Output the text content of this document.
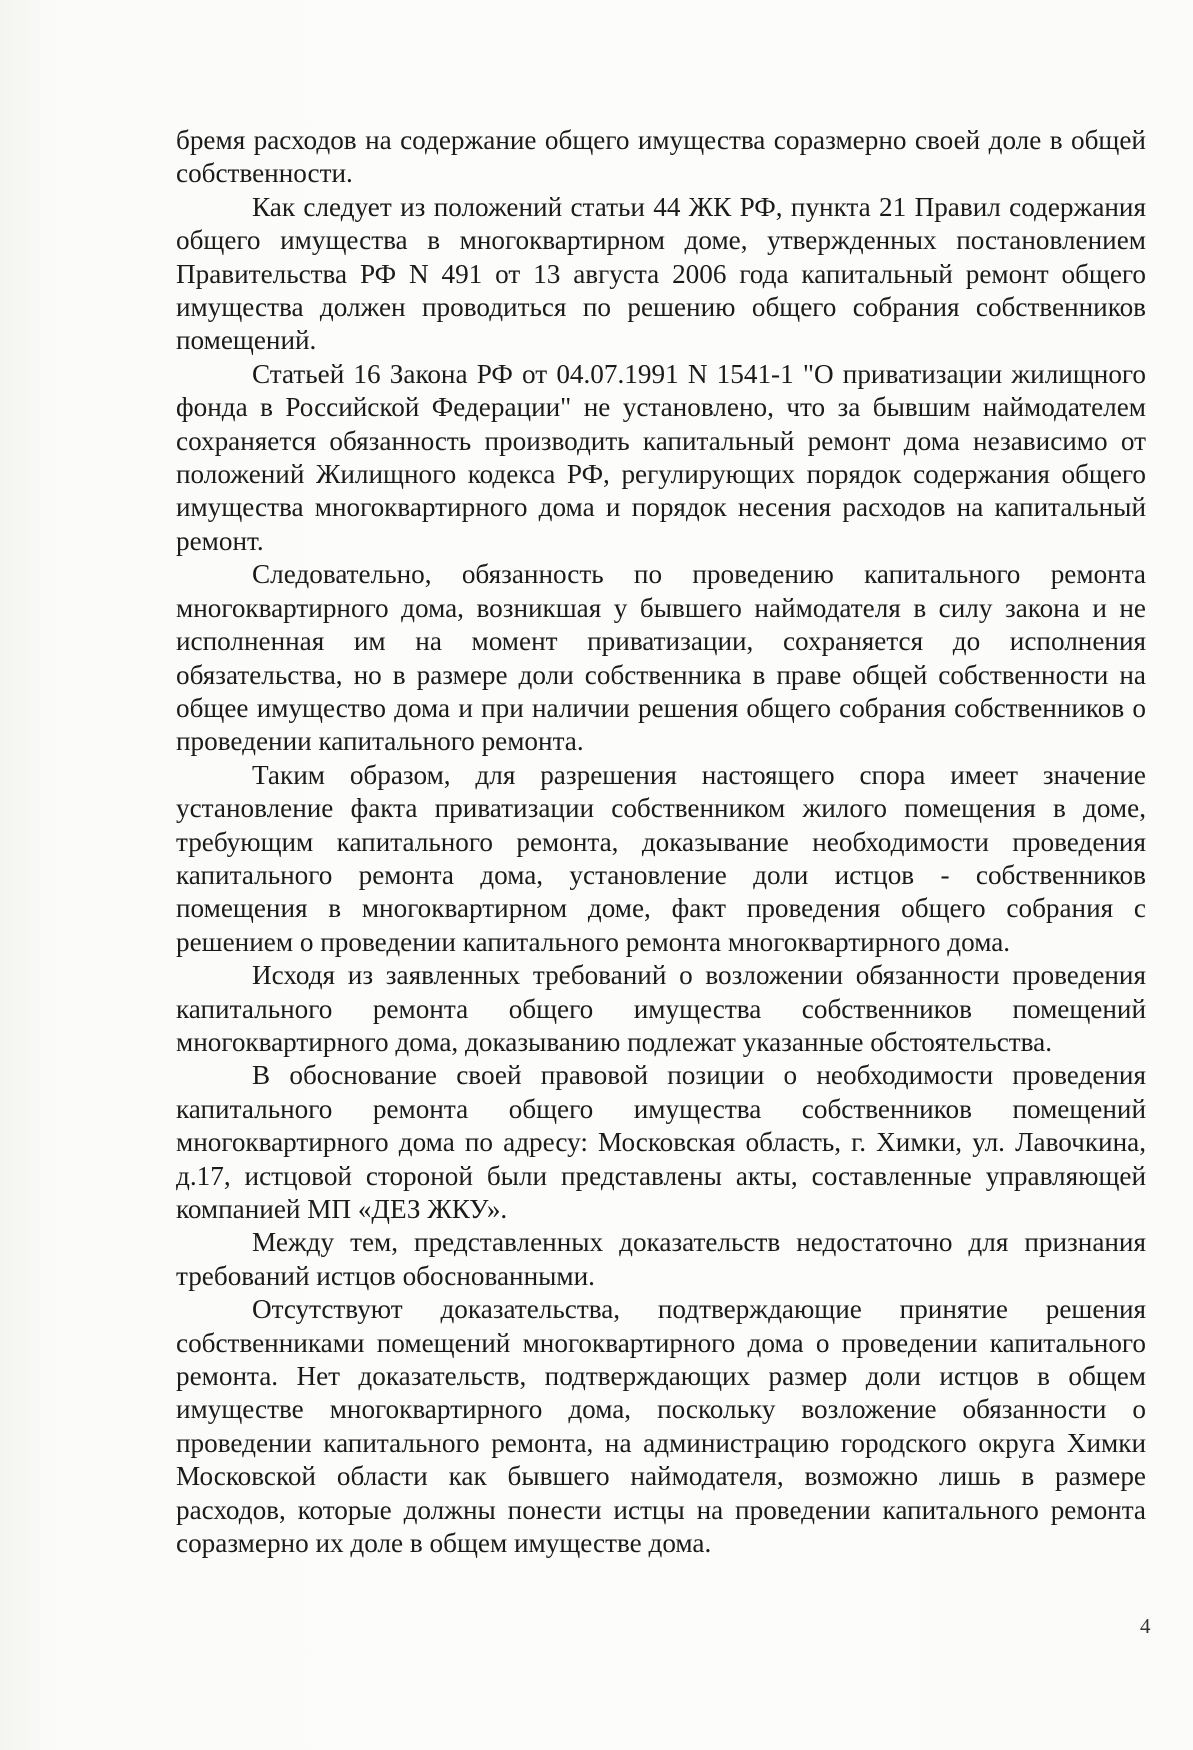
бремя расходов на содержание общего имущества соразмерно своей доле в общей собственности.

Как следует из положений статьи 44 ЖК РФ, пункта 21 Правил содержания общего имущества в многоквартирном доме, утвержденных постановлением Правительства РФ N 491 от 13 августа 2006 года капитальный ремонт общего имущества должен проводиться по решению общего собрания собственников помещений.

Статьей 16 Закона РФ от 04.07.1991 N 1541-1 "О приватизации жилищного фонда в Российской Федерации" не установлено, что за бывшим наймодателем сохраняется обязанность производить капитальный ремонт дома независимо от положений Жилищного кодекса РФ, регулирующих порядок содержания общего имущества многоквартирного дома и порядок несения расходов на капитальный ремонт.

Следовательно, обязанность по проведению капитального ремонта многоквартирного дома, возникшая у бывшего наймодателя в силу закона и не исполненная им на момент приватизации, сохраняется до исполнения обязательства, но в размере доли собственника в праве общей собственности на общее имущество дома и при наличии решения общего собрания собственников о проведении капитального ремонта.

Таким образом, для разрешения настоящего спора имеет значение установление факта приватизации собственником жилого помещения в доме, требующим капитального ремонта, доказывание необходимости проведения капитального ремонта дома, установление доли истцов - собственников помещения в многоквартирном доме, факт проведения общего собрания с решением о проведении капитального ремонта многоквартирного дома.

Исходя из заявленных требований о возложении обязанности проведения капитального ремонта общего имущества собственников помещений многоквартирного дома, доказыванию подлежат указанные обстоятельства.

В обоснование своей правовой позиции о необходимости проведения капитального ремонта общего имущества собственников помещений многоквартирного дома по адресу: Московская область, г. Химки, ул. Лавочкина, д.17, истцовой стороной были представлены акты, составленные управляющей компанией МП «ДЕЗ ЖКУ».

Между тем, представленных доказательств недостаточно для признания требований истцов обоснованными.

Отсутствуют доказательства, подтверждающие принятие решения собственниками помещений многоквартирного дома о проведении капитального ремонта. Нет доказательств, подтверждающих размер доли истцов в общем имуществе многоквартирного дома, поскольку возложение обязанности о проведении капитального ремонта, на администрацию городского округа Химки Московской области как бывшего наймодателя, возможно лишь в размере расходов, которые должны понести истцы на проведении капитального ремонта соразмерно их доле в общем имуществе дома.

4
